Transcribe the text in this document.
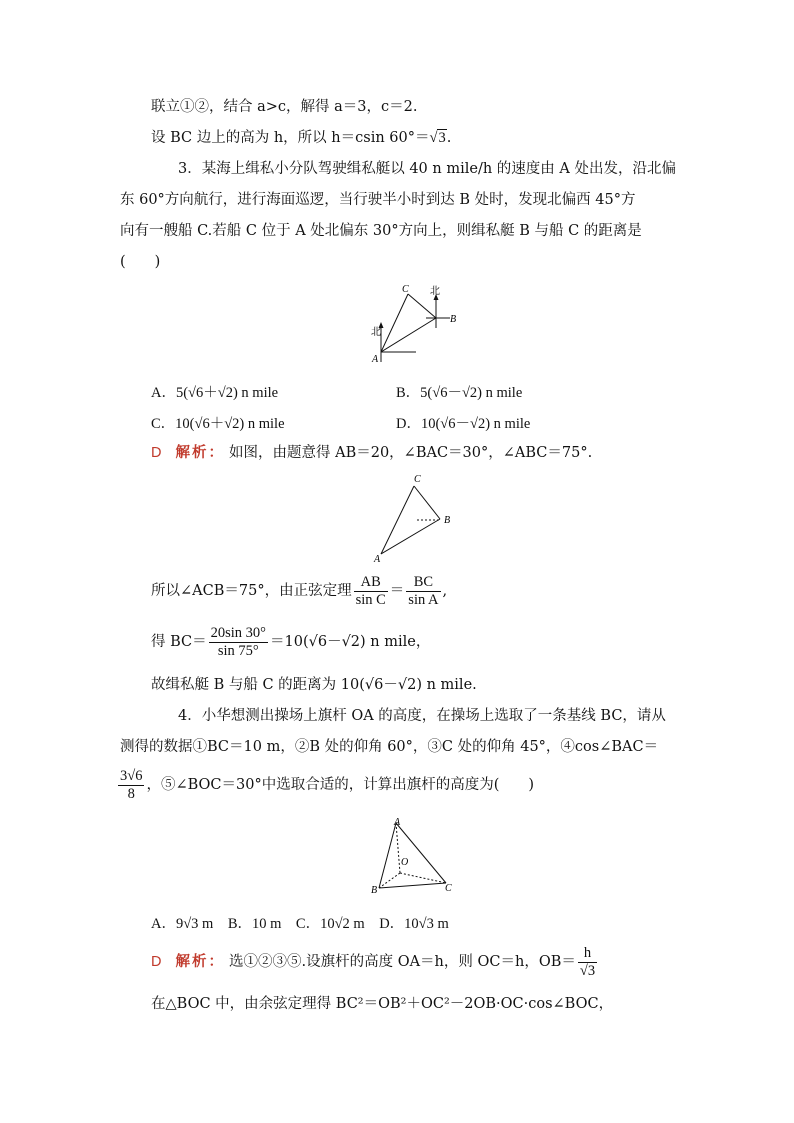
联立①②，结合 a>c，解得 a＝3，c＝2.
设 BC 边上的高为 h，所以 h＝csin 60°＝√3.
3．某海上缉私小分队驾驶缉私艇以 40 n mile/h 的速度由 A 处出发，沿北偏
东 60°方向航行，进行海面巡逻，当行驶半小时到达 B 处时，发现北偏西 45°方
向有一艘船 C.若船 C 位于 A 处北偏东 30°方向上，则缉私艇 B 与船 C 的距离是
(　　)
北
北
A
C
B
A．5(√6＋√2) n mile	B．5(√6－√2) n mile
C．10(√6＋√2) n mile	D．10(√6－√2) n mile
D 解析： 如图，由题意得 AB＝20，∠BAC＝30°，∠ABC＝75°.
A
C
B
所以∠ACB＝75°，由正弦定理 $\frac{AB}{\text{sin C}} = \frac{BC}{\text{sin A}}$ ,
得 $BC= \frac{20\sin 30^\circ}{\sin 75^\circ} =10(√6-√2)$ n mile，
故缉私艇 B 与船 C 的距离为 10(√6－√2) n mile.
4．小华想测出操场上旗杆 OA 的高度，在操场上选取了一条基线 BC，请从
测得的数据①BC＝10 m，②B 处的仰角 60°，③C 处的仰角 45°，④cos∠BAC＝
$\frac{3√6}{8}$ ，⑤∠BOC＝30°中选取合适的，计算出旗杆的高度为(　　)
A
O
B	C
A．9√3 m　B．10 m　C．10√2 m　D．10√3 m
D 解析： 选①②③⑤.设旗杆的高度 OA＝h，则 OC＝h，$OB= \frac{h}{√3}$
在△BOC 中，由余弦定理得 BC²＝OB²＋OC²－2OB·OC·cos∠BOC，
